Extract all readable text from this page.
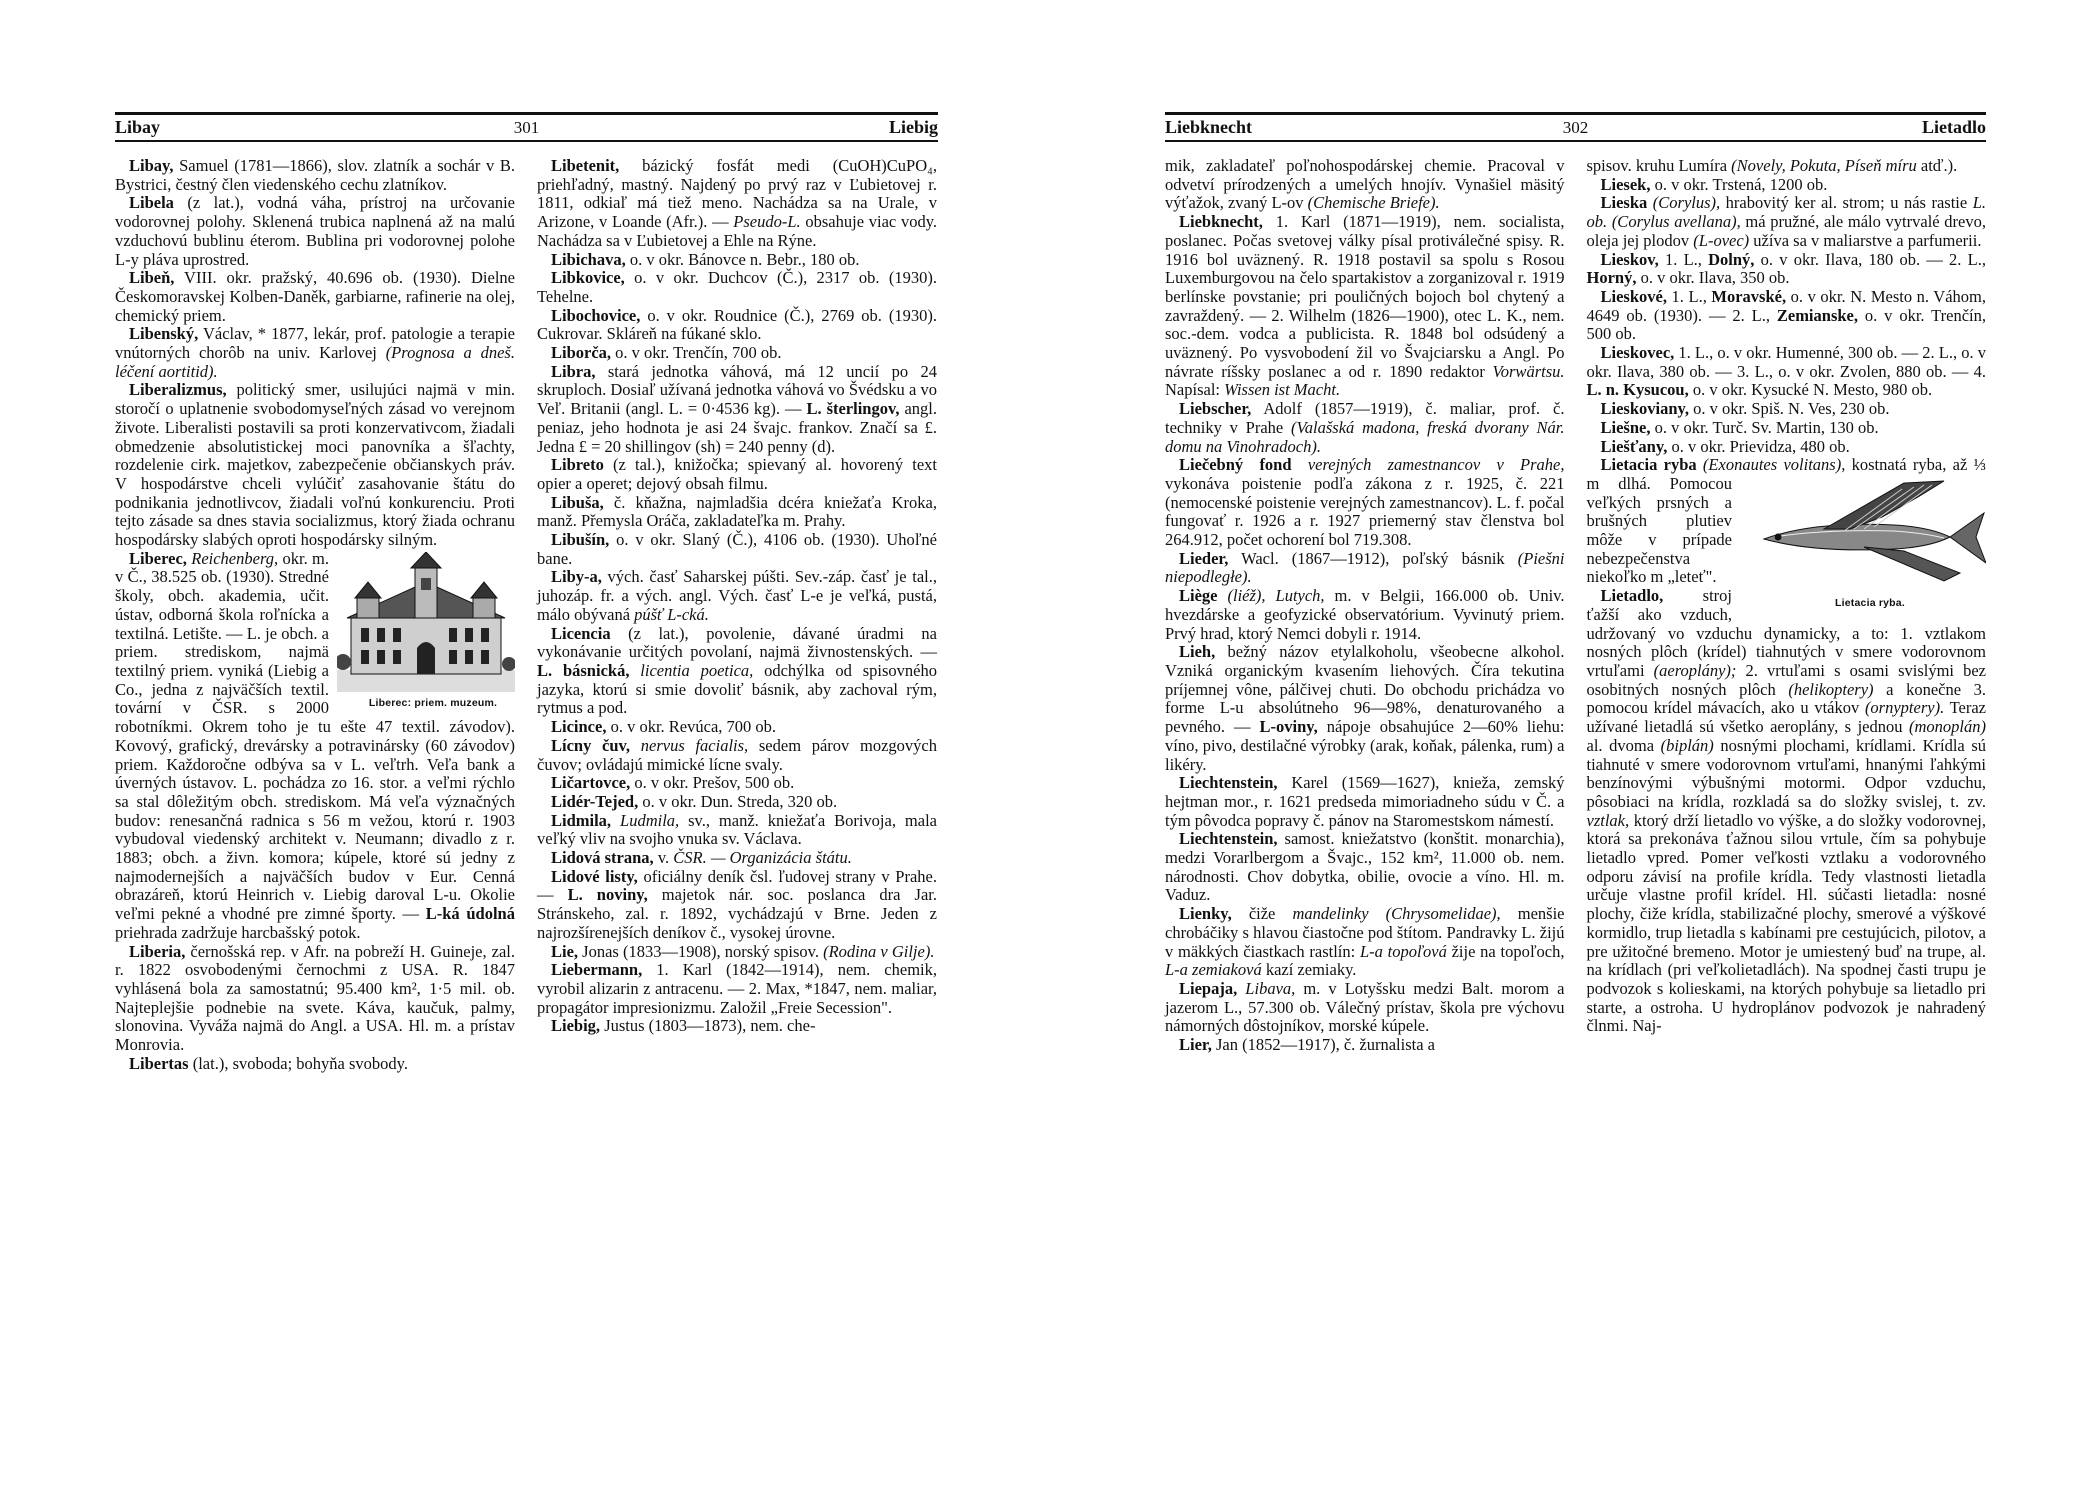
Libay	301	Liebig

Libay, Samuel (1781—1866), slov. zlatník a sochár v B. Bystrici, čestný člen viedenského cechu zlatníkov.

Libela (z lat.), vodná váha, prístroj na určovanie vodorovnej polohy. Sklenená trubica naplnená až na malú vzduchovú bublinu éterom. Bublina pri vodorovnej polohe L-y pláva uprostred.

Libeň, VIII. okr. pražský, 40.696 ob. (1930). Dielne Českomoravskej Kolben-Daněk, garbiarne, rafinerie na olej, chemický priem.

Libenský, Václav, * 1877, lekár, prof. patologie a terapie vnútorných chorôb na univ. Karlovej (Prognosa a dneš. léčení aortitid).

Liberalizmus, politický smer, usilujúci najmä v min. storočí o uplatnenie svobodomyseľných zásad vo verejnom živote. Liberalisti postavili sa proti konzervativcom, žiadali obmedzenie absolutistickej moci panovníka a šľachty, rozdelenie cirk. majetkov, zabezpečenie občianskych práv. V hospodárstve chceli vylúčiť zasahovanie štátu do podnikania jednotlivcov, žiadali voľnú konkurenciu. Proti tejto zásade sa dnes stavia socializmus, ktorý žiada ochranu hospodársky slabých oproti hospodársky silným.

Liberec, Reichenberg,
Liberec: priem. muzeum.
okr. m. v Č., 38.525 ob. (1930). Stredné školy, obch. akademia, učit. ústav, odborná škola roľnícka a textilná. Letište. — L. je obch. a priem. strediskom, najmä textilný priem. vyniká (Liebig a Co., jedna z najväčších textil. tovární v ČSR. s 2000 robotníkmi. Okrem toho je tu ešte 47 textil. závodov). Kovový, grafický, drevársky a potravinársky (60 závodov) priem. Každoročne odbýva sa v L. veľtrh. Veľa bank a úverných ústavov. L. pochádza zo 16. stor. a veľmi rýchlo sa stal dôležitým obch. strediskom. Má veľa význačných budov: renesančná radnica s 56 m vežou, ktorú r. 1903 vybudoval viedenský architekt v. Neumann; divadlo z r. 1883; obch. a živn. komora; kúpele, ktoré sú jedny z najmodernejších a najväčších budov v Eur. Cenná obrazáreň, ktorú Heinrich v. Liebig daroval L-u. Okolie veľmi pekné a vhodné pre zimné športy. — L-ká údolná priehrada zadržuje harcbašský potok.

Liberia, černošská rep. v Afr. na pobreží H. Guineje, zal. r. 1822 osvobodenými černochmi z USA. R. 1847 vyhlásená bola za samostatnú; 95.400 km², 1·5 mil. ob. Najteplejšie podnebie na svete. Káva, kaučuk, palmy, slonovina. Vyváža najmä do Angl. a USA. Hl. m. a prístav Monrovia.

Libertas (lat.), svoboda; bohyňa svobody.

Libetenit, bázický fosfát medi (CuOH)CuPO₄, priehľadný, mastný. Najdený po prvý raz v Ľubietovej r. 1811, odkiaľ má tiež meno. Nachádza sa na Urale, v Arizone, v Loande (Afr.). — Pseudo-L. obsahuje viac vody. Nachádza sa v Ľubietovej a Ehle na Rýne.

Libichava, o. v okr. Bánovce n. Bebr., 180 ob.

Libkovice, o. v okr. Duchcov (Č.), 2317 ob. (1930). Tehelne.

Libochovice, o. v okr. Roudnice (Č.), 2769 ob. (1930). Cukrovar. Skláreň na fúkané sklo.

Liborča, o. v okr. Trenčín, 700 ob.

Libra, stará jednotka váhová, má 12 uncií po 24 skruploch. Dosiaľ užívaná jednotka váhová vo Švédsku a vo Veľ. Britanii (angl. L. = 0·4536 kg). — L. šterlingov, angl. peniaz, jeho hodnota je asi 24 švajc. frankov. Značí sa £. Jedna £ = 20 shillingov (sh) = 240 penny (d).

Libreto (z tal.), knižočka; spievaný al. hovorený text opier a operet; dejový obsah filmu.

Libuša, č. kňažna, najmladšia dcéra kniežaťa Kroka, manž. Přemysla Oráča, zakladateľka m. Prahy.

Libušín, o. v okr. Slaný (Č.), 4106 ob. (1930). Uhoľné bane.

Liby-a, vých. časť Saharskej púšti. Sev.-záp. časť je tal., juhozáp. fr. a vých. angl. Vých. časť L-e je veľká, pustá, málo obývaná púšť L-cká.

Licencia (z lat.), povolenie, dávané úradmi na vykonávanie určitých povolaní, najmä živnostenských. — L. básnická, licentia poetica, odchýlka od spisovného jazyka, ktorú si smie dovoliť básnik, aby zachoval rým, rytmus a pod.

Licince, o. v okr. Revúca, 700 ob.

Lícny čuv, nervus facialis, sedem párov mozgových čuvov; ovládajú mimické lícne svaly.

Ličartovce, o. v okr. Prešov, 500 ob.

Lidér-Tejed, o. v okr. Dun. Streda, 320 ob.

Lidmila, Ludmila, sv., manž. kniežaťa Borivoja, mala veľký vliv na svojho vnuka sv. Václava.

Lidová strana, v. ČSR. — Organizácia štátu.

Lidové listy, oficiálny deník čsl. ľudovej strany v Prahe. — L. noviny, majetok nár. soc. poslanca dra Jar. Stránskeho, zal. r. 1892, vychádzajú v Brne. Jeden z najrozšírenejších deníkov č., vysokej úrovne.

Lie, Jonas (1833—1908), norský spisov. (Rodina v Gilje).

Liebermann, 1. Karl (1842—1914), nem. chemik, vyrobil alizarin z antracenu. — 2. Max, *1847, nem. maliar, propagátor impresionizmu. Založil „Freie Secession".

Liebig, Justus (1803—1873), nem. che-

Liebknecht	302	Lietadlo

mik, zakladateľ poľnohospodárskej chemie. Pracoval v odvetví prírodzených a umelých hnojív. Vynašiel mäsitý výťažok, zvaný L-ov (Chemische Briefe).

Liebknecht, 1. Karl (1871—1919), nem. socialista, poslanec. Počas svetovej války písal protiválečné spisy. R. 1916 bol uväznený. R. 1918 postavil sa spolu s Rosou Luxemburgovou na čelo spartakistov a zorganizoval r. 1919 berlínske povstanie; pri pouličných bojoch bol chytený a zavraždený. — 2. Wilhelm (1826—1900), otec L. K., nem. soc.-dem. vodca a publicista. R. 1848 bol odsúdený a uväznený. Po vysvobodení žil vo Švajciarsku a Angl. Po návrate ríšsky poslanec a od r. 1890 redaktor Vorwärtsu. Napísal: Wissen ist Macht.

Liebscher, Adolf (1857—1919), č. maliar, prof. č. techniky v Prahe (Valašská madona, freská dvorany Nár. domu na Vinohradoch).

Liečebný fond verejných zamestnancov v Prahe, vykonáva poistenie podľa zákona z r. 1925, č. 221 (nemocenské poistenie verejných zamestnancov). L. f. počal fungovať r. 1926 a r. 1927 priemerný stav členstva bol 264.912, počet ochorení bol 719.308.

Lieder, Wacl. (1867—1912), poľský básnik (Piešni niepodległe).

Liège (liéž), Lutych, m. v Belgii, 166.000 ob. Univ. hvezdárske a geofyzické observatórium. Vyvinutý priem. Prvý hrad, ktorý Nemci dobyli r. 1914.

Lieh, bežný názov etylalkoholu, všeobecne alkohol. Vzniká organickým kvasením liehových. Číra tekutina príjemnej vône, pálčivej chuti. Do obchodu prichádza vo forme L-u absolútneho 96—98%, denaturovaného a pevného. — L-oviny, nápoje obsahujúce 2—60% liehu: víno, pivo, destilačné výrobky (arak, koňak, pálenka, rum) a likéry.

Liechtenstein, Karel (1569—1627), knieža, zemský hejtman mor., r. 1621 predseda mimoriadneho súdu v Č. a tým pôvodca popravy č. pánov na Staromestskom námestí.

Liechtenstein, samost. kniežatstvo (konštit. monarchia), medzi Vorarlbergom a Švajc., 152 km², 11.000 ob. nem. národnosti. Chov dobytka, obilie, ovocie a víno. Hl. m. Vaduz.

Lienky, čiže mandelinky (Chrysomelidae), menšie chrobáčiky s hlavou čiastočne pod štítom. Pandravky L. žijú v mäkkých čiastkach rastlín: L-a topoľová žije na topoľoch, L-a zemiaková kazí zemiaky.

Liepaja, Libava, m. v Lotyšsku medzi Balt. morom a jazerom L., 57.300 ob. Válečný prístav, škola pre výchovu námorných dôstojníkov, morské kúpele.

Lier, Jan (1852—1917), č. žurnalista a

spisov. kruhu Lumíra (Novely, Pokuta, Píseň míru atď.).

Liesek, o. v okr. Trstená, 1200 ob.

Lieska (Corylus), hrabovitý ker al. strom; u nás rastie L. ob. (Corylus avellana), má pružné, ale málo vytrvalé drevo, oleja jej plodov (L-ovec) užíva sa v maliarstve a parfumerii.

Lieskov, 1. L., Dolný, o. v okr. Ilava, 180 ob. — 2. L., Horný, o. v okr. Ilava, 350 ob.

Lieskové, 1. L., Moravské, o. v okr. N. Mesto n. Váhom, 4649 ob. (1930). — 2. L., Zemianske, o. v okr. Trenčín, 500 ob.

Lieskovec, 1. L., o. v okr. Humenné, 300 ob. — 2. L., o. v okr. Ilava, 380 ob. — 3. L., o. v okr. Zvolen, 880 ob. — 4. L. n. Kysucou, o. v okr. Kysucké N. Mesto, 980 ob.

Lieskoviany, o. v okr. Spiš. N. Ves, 230 ob.

Liešne, o. v okr. Turč. Sv. Martin, 130 ob.

Liešťany, o. v okr. Prievidza, 480 ob.

Lietacia ryba (Exonautes volitans),
Lietacia ryba.
kostnatá ryba, až ⅓ m dlhá. Pomocou veľkých prsných a brušných plutiev môže v prípade nebezpečenstva niekoľko m „leteť".

Lietadlo, stroj ťažší ako vzduch, udržovaný vo vzduchu dynamicky, a to: 1. vztlakom nosných plôch (krídel) tiahnutých v smere vodorovnom vrtuľami (aeroplány); 2. vrtuľami s osami svislými bez osobitných nosných plôch (helikoptery) a konečne 3. pomocou krídel mávacích, ako u vtákov (ornyptery). Teraz užívané lietadlá sú všetko aeroplány, s jednou (monoplán) al. dvoma (biplán) nosnými plochami, krídlami. Krídla sú tiahnuté v smere vodorovnom vrtuľami, hnanými ľahkými benzínovými výbušnými motormi. Odpor vzduchu, pôsobiaci na krídla, rozkladá sa do složky svislej, t. zv. vztlak, ktorý drží lietadlo vo výške, a do složky vodorovnej, ktorá sa prekonáva ťažnou silou vrtule, čím sa pohybuje lietadlo vpred. Pomer veľkosti vztlaku a vodorovného odporu závisí na profile krídla. Tedy vlastnosti lietadla určuje vlastne profil krídel. Hl. súčasti lietadla: nosné plochy, čiže krídla, stabilizačné plochy, smerové a výškové kormidlo, trup lietadla s kabínami pre cestujúcich, pilotov, a pre užitočné bremeno. Motor je umiestený buď na trupe, al. na krídlach (pri veľkolietadlách). Na spodnej časti trupu je podvozok s kolieskami, na ktorých pohybuje sa lietadlo pri starte, a ostroha. U hydroplánov podvozok je nahradený člnmi. Naj-
